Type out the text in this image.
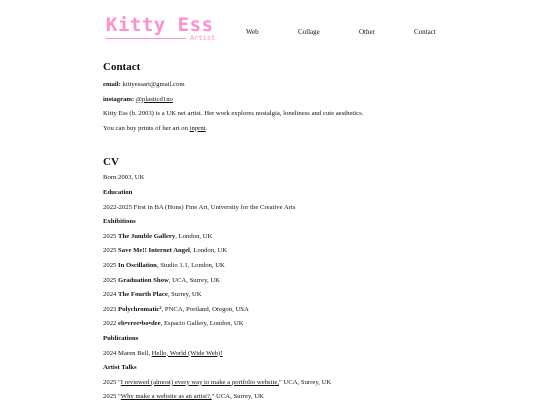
Kitty Ess
Artist
Web	Collage	Other	Contact
Contact

email: kittyessart@gmail.com

instagram: @plasticd1no

Kitty Ess (b. 2003) is a UK net artist. Her work explores nostalgia, loneliness and cute aesthetics.

You can buy prints of her art on inprnt.

CV

Born 2003, UK

Education

2022-2025 First in BA (Hons) Fine Art, University for the Creative Arts

Exhibitions

2025 The Jumble Gallery, London, UK

2025 Save Me!! Internet Angel, London, UK

2025 In Oscillation, Studio 1.1, London, UK

2025 Graduation Show, UCA, Surrey, UK

2024 The Fourth Place, Surrey, UK

2023 Polychromatic², PNCA, Portland, Oregon, USA

2022 eh•vree•bo•dee, Espacio Gallery, London, UK

Publications

2024 Maren Bell, Hello, World (Wide Web)!

Artist Talks

2025 "I reviewed (almost) every way to make a portfolio website," UCA, Surrey, UK

2025 "Why make a website as an artist?," UCA, Surrey, UK
